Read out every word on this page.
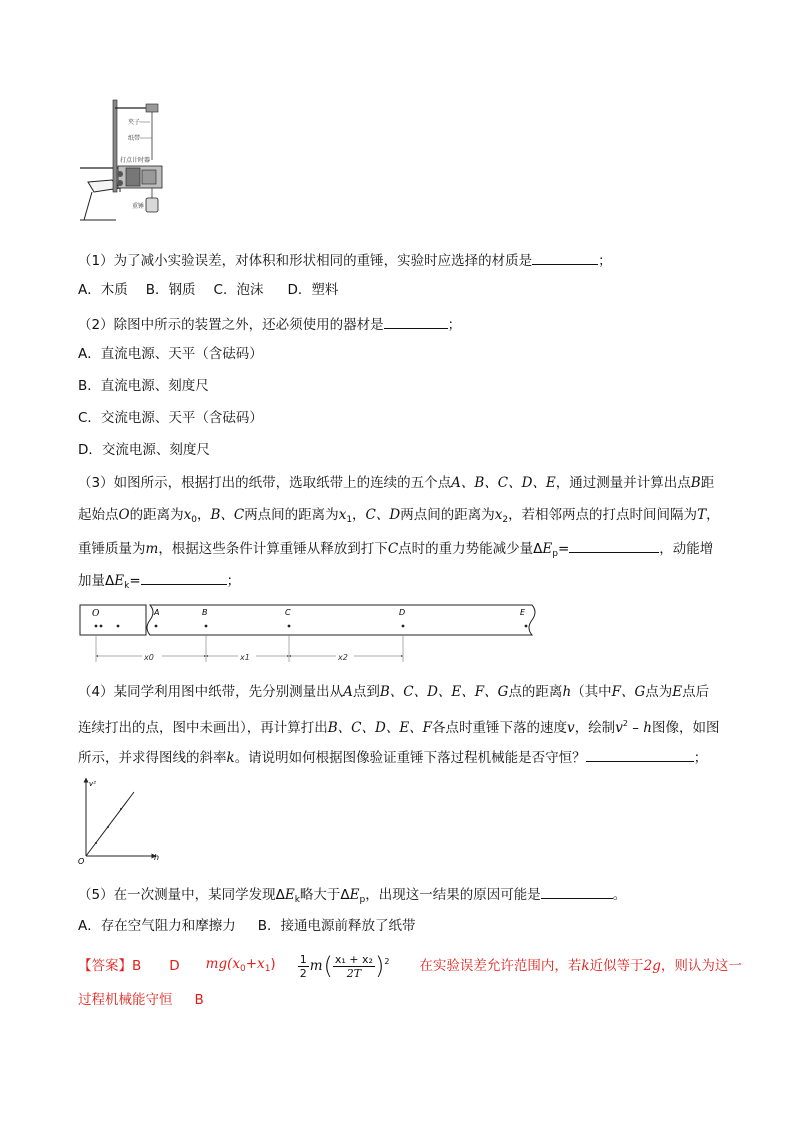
夹子
纸带
打点计时器
重锤
（1）为了减小实验误差，对体积和形状相同的重锤，实验时应选择的材质是	；
A．木质 B．钢质 C．泡沫 D．塑料
（2）除图中所示的装置之外，还必须使用的器材是	；
A．直流电源、天平（含砝码）
B．直流电源、刻度尺
C．交流电源、天平（含砝码）
D．交流电源、刻度尺
（3）如图所示，根据打出的纸带，选取纸带上的连续的五个点A、B、C、D、E，通过测量并计算出点B距
起始点O的距离为$x_0$，B、C两点间的距离为$x_1$，C、D两点间的距离为$x_2$，若相邻两点的打点时间间隔为T，
重锤质量为m，根据这些条件计算重锤从释放到打下C点时的重力势能减少量$\Delta E_p=$	，动能增
加量$\Delta E_k=$	；
O	A	B	C	D	E
x0	x1	x2
（4）某同学利用图中纸带，先分别测量出从A点到B、C、D、E、F、G点的距离h（其中F、G点为E点后
连续打出的点，图中未画出），再计算打出B、C、D、E、F各点时重锤下落的速度v，绘制$v^2$ – h图像，如图
所示，并求得图线的斜率k。请说明如何根据图像验证重锤下落过程机械能是否守恒？	；
v²
O	h
（5）在一次测量中，某同学发现$\Delta E_k$略大于$\Delta E_p$，出现这一结果的原因可能是	。
A．存在空气阻力和摩擦力 B．接通电源前释放了纸带
【答案】 B D $mg(x_0+x_1) \frac{1}{2}$ m ( $\frac{\text{x₁ + x₂}}{2T}$ ) 2 在实验误差允许范围内，若k近似等于2g，则认为这一
过程机械能守恒 B
